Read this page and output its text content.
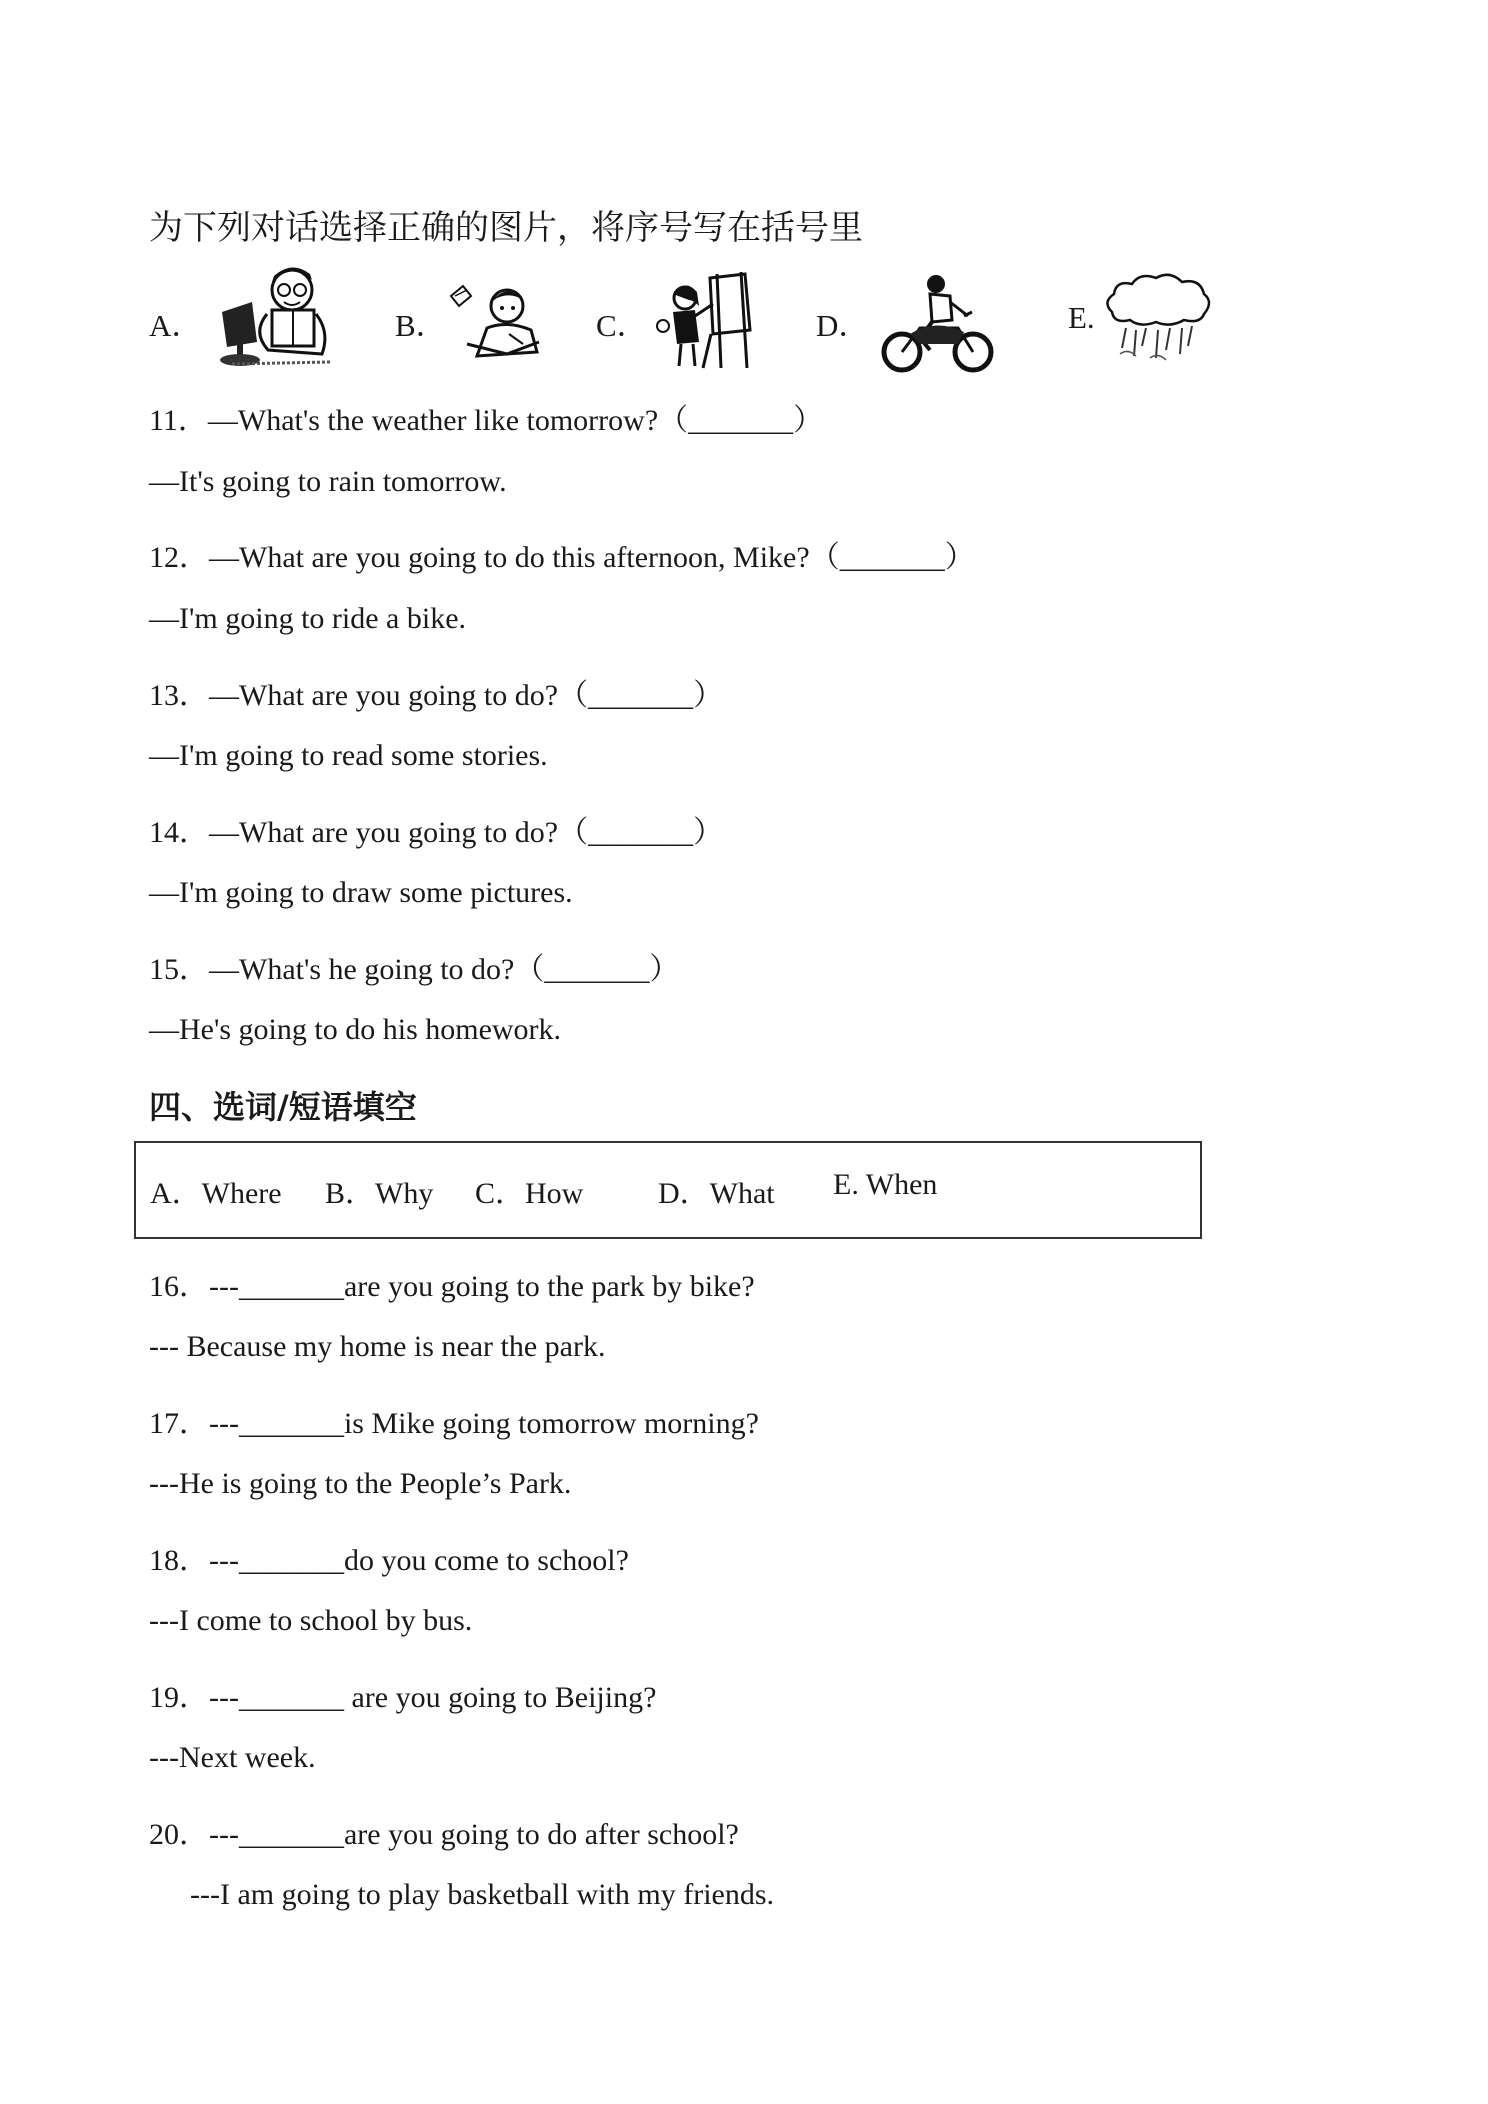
为下列对话选择正确的图片，将序号写在括号里
A．	B．	C．	D．	E.
11．—What's the weather like tomorrow?（_______）
—It's going to rain tomorrow.
12．—What are you going to do this afternoon, Mike?（_______）
—I'm going to ride a bike.
13．—What are you going to do?（_______）
—I'm going to read some stories.
14．—What are you going to do?（_______）
—I'm going to draw some pictures.
15．—What's he going to do?（_______）
—He's going to do his homework.
四、选词/短语填空
A．Where B．Why C．How D．What E. When
16．---_______are you going to the park by bike?
--- Because my home is near the park.
17．---_______is Mike going tomorrow morning?
---He is going to the People’s Park.
18．---_______do you come to school?
---I come to school by bus.
19．---_______ are you going to Beijing?
---Next week.
20．---_______are you going to do after school?
---I am going to play basketball with my friends.
